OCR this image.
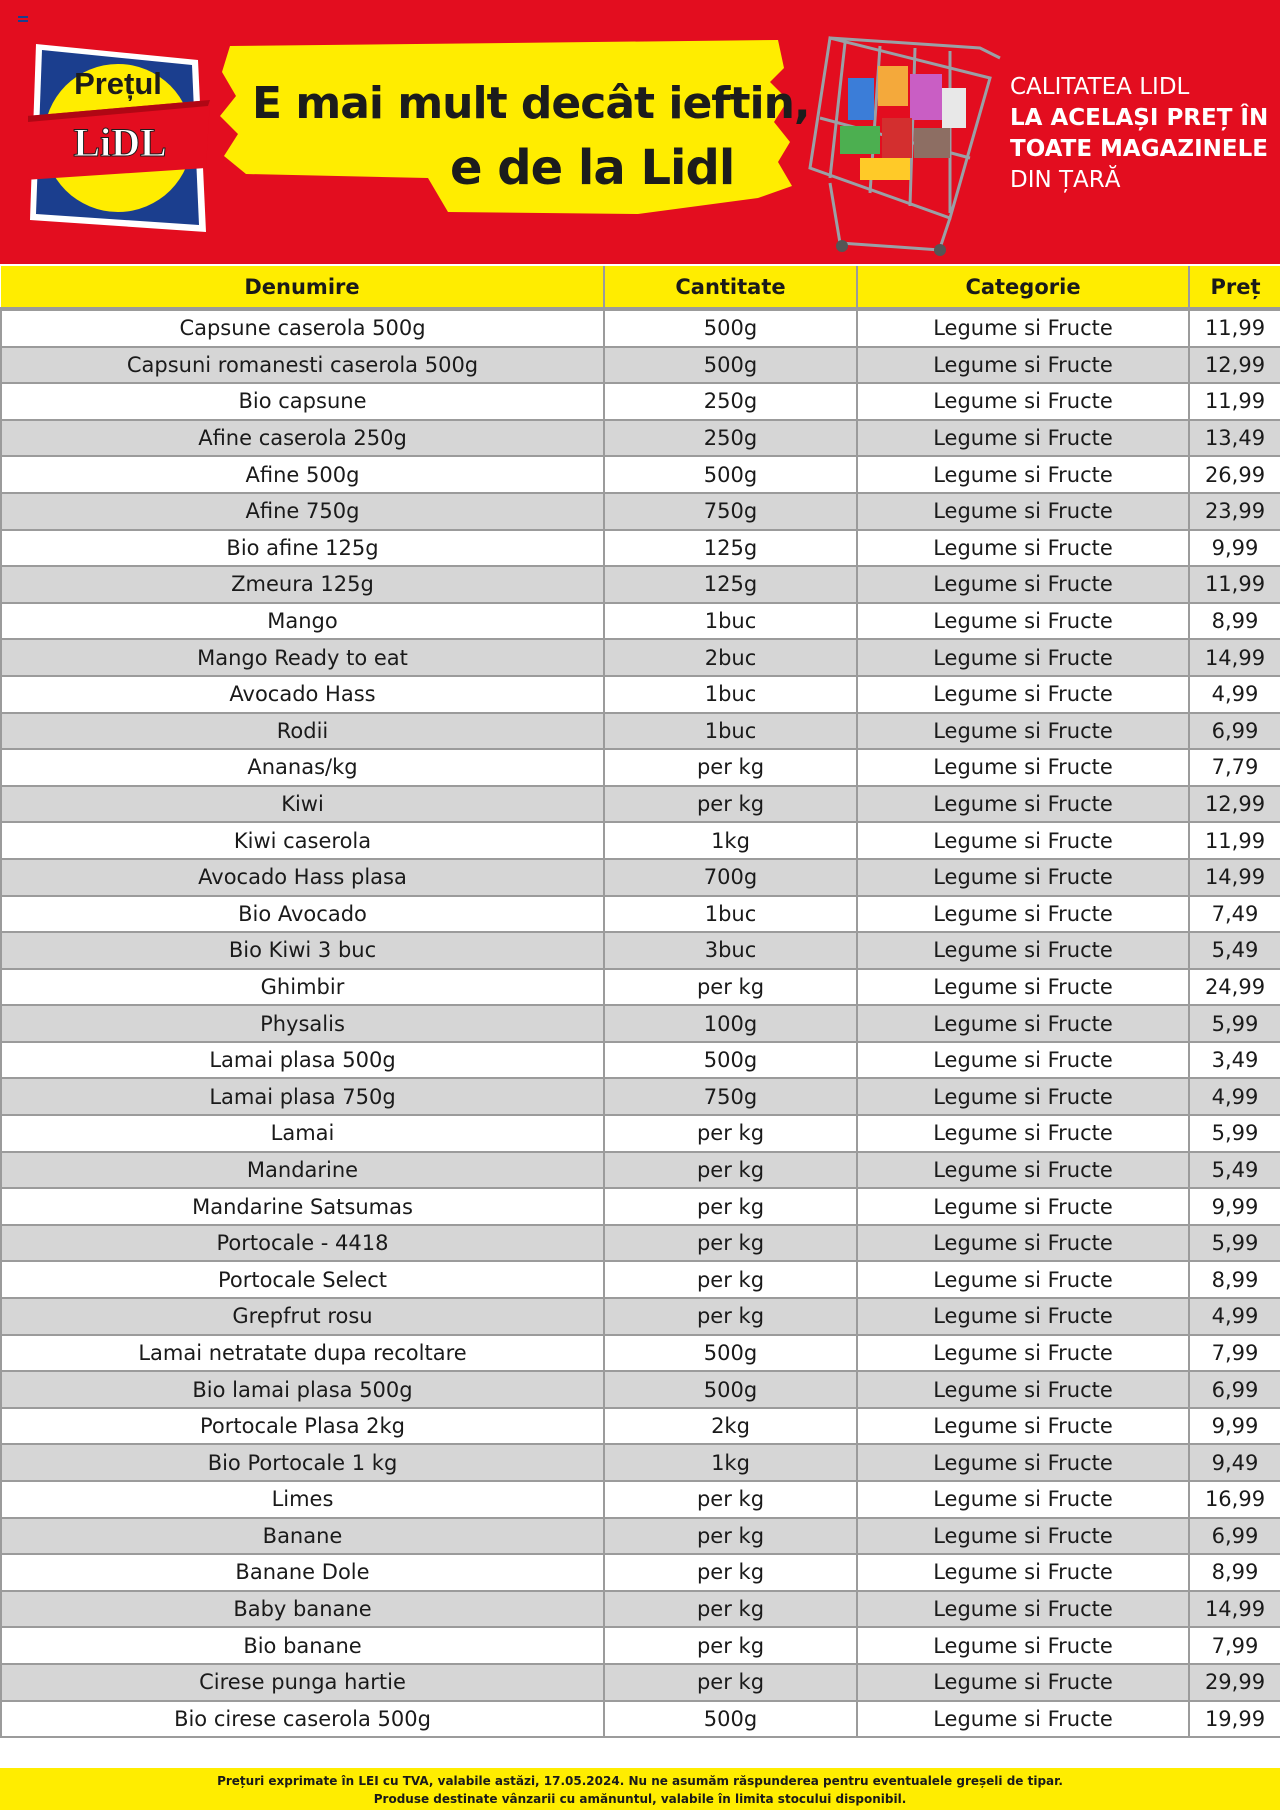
Prețul
LiDL
E mai mult decât ieftin,
e de la Lidl
CALITATEA LIDL
LA ACELAȘI PREȚ ÎN
TOATE MAGAZINELE
DIN ȚARĂ
Denumire	Cantitate	Categorie	Preț
Capsune caserola 500g	500g	Legume si Fructe	11,99
Capsuni romanesti caserola 500g	500g	Legume si Fructe	12,99
Bio capsune	250g	Legume si Fructe	11,99
Afine caserola 250g	250g	Legume si Fructe	13,49
Afine 500g	500g	Legume si Fructe	26,99
Afine 750g	750g	Legume si Fructe	23,99
Bio afine 125g	125g	Legume si Fructe	9,99
Zmeura 125g	125g	Legume si Fructe	11,99
Mango	1buc	Legume si Fructe	8,99
Mango Ready to eat	2buc	Legume si Fructe	14,99
Avocado Hass	1buc	Legume si Fructe	4,99
Rodii	1buc	Legume si Fructe	6,99
Ananas/kg	per kg	Legume si Fructe	7,79
Kiwi	per kg	Legume si Fructe	12,99
Kiwi caserola	1kg	Legume si Fructe	11,99
Avocado Hass plasa	700g	Legume si Fructe	14,99
Bio Avocado	1buc	Legume si Fructe	7,49
Bio Kiwi 3 buc	3buc	Legume si Fructe	5,49
Ghimbir	per kg	Legume si Fructe	24,99
Physalis	100g	Legume si Fructe	5,99
Lamai plasa 500g	500g	Legume si Fructe	3,49
Lamai plasa 750g	750g	Legume si Fructe	4,99
Lamai	per kg	Legume si Fructe	5,99
Mandarine	per kg	Legume si Fructe	5,49
Mandarine Satsumas	per kg	Legume si Fructe	9,99
Portocale - 4418	per kg	Legume si Fructe	5,99
Portocale Select	per kg	Legume si Fructe	8,99
Grepfrut rosu	per kg	Legume si Fructe	4,99
Lamai netratate dupa recoltare	500g	Legume si Fructe	7,99
Bio lamai plasa 500g	500g	Legume si Fructe	6,99
Portocale Plasa 2kg	2kg	Legume si Fructe	9,99
Bio Portocale 1 kg	1kg	Legume si Fructe	9,49
Limes	per kg	Legume si Fructe	16,99
Banane	per kg	Legume si Fructe	6,99
Banane Dole	per kg	Legume si Fructe	8,99
Baby banane	per kg	Legume si Fructe	14,99
Bio banane	per kg	Legume si Fructe	7,99
Cirese punga hartie	per kg	Legume si Fructe	29,99
Bio cirese caserola 500g	500g	Legume si Fructe	19,99
Prețuri exprimate în LEI cu TVA, valabile astăzi, 17.05.2024. Nu ne asumăm răspunderea pentru eventualele greșeli de tipar.
Produse destinate vânzarii cu amănuntul, valabile în limita stocului disponibil.
